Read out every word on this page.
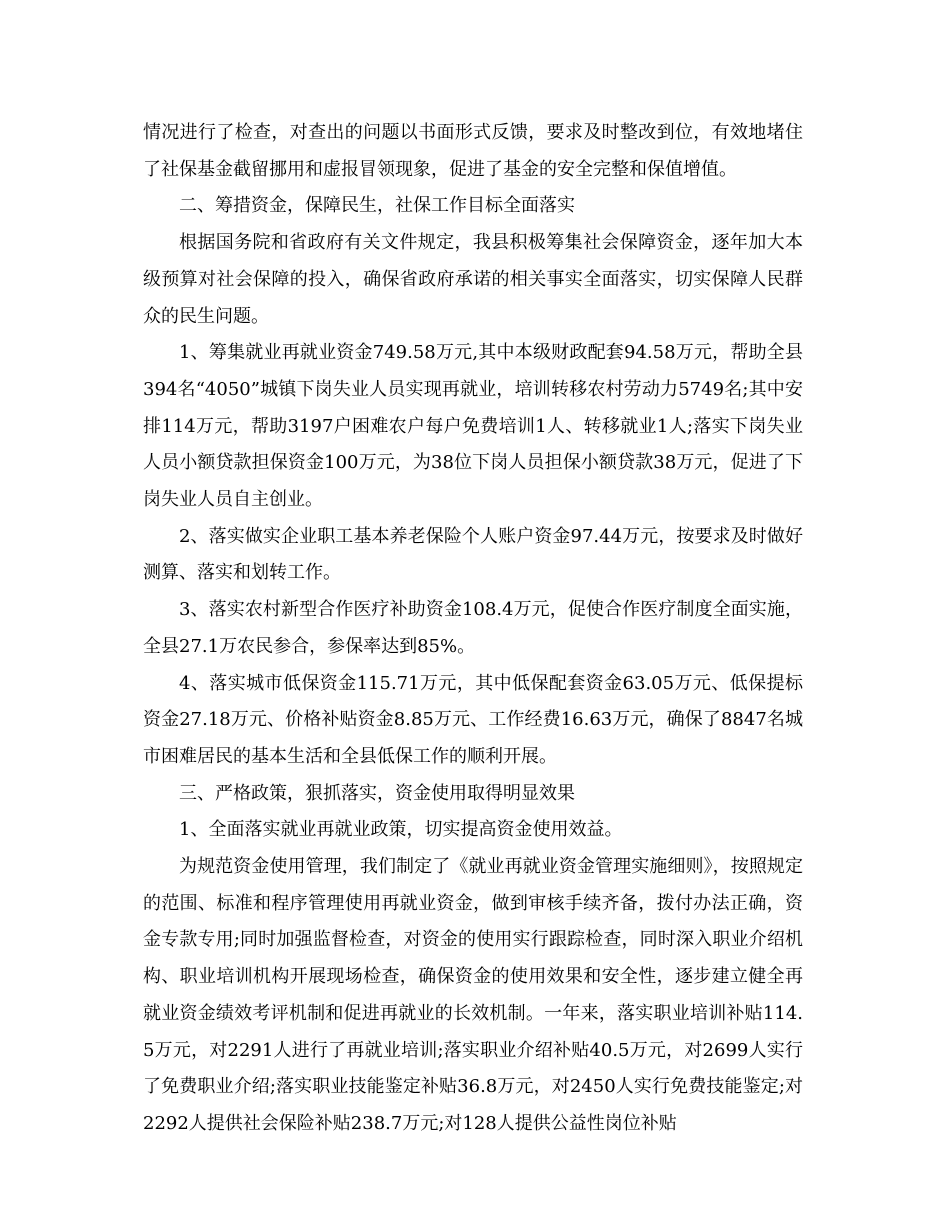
情况进行了检查，对查出的问题以书面形式反馈，要求及时整改到位，有效地堵住了社保基金截留挪用和虚报冒领现象，促进了基金的安全完整和保值增值。

二、筹措资金，保障民生，社保工作目标全面落实

根据国务院和省政府有关文件规定，我县积极筹集社会保障资金，逐年加大本级预算对社会保障的投入，确保省政府承诺的相关事实全面落实，切实保障人民群众的民生问题。

1、筹集就业再就业资金749.58万元,其中本级财政配套94.58万元，帮助全县394名“4050”城镇下岗失业人员实现再就业，培训转移农村劳动力5749名;其中安排114万元，帮助3197户困难农户每户免费培训1人、转移就业1人;落实下岗失业人员小额贷款担保资金100万元，为38位下岗人员担保小额贷款38万元，促进了下岗失业人员自主创业。

2、落实做实企业职工基本养老保险个人账户资金97.44万元，按要求及时做好测算、落实和划转工作。

3、落实农村新型合作医疗补助资金108.4万元，促使合作医疗制度全面实施，全县27.1万农民参合，参保率达到85%。

4、落实城市低保资金115.71万元，其中低保配套资金63.05万元、低保提标资金27.18万元、价格补贴资金8.85万元、工作经费16.63万元，确保了8847名城市困难居民的基本生活和全县低保工作的顺利开展。

三、严格政策，狠抓落实，资金使用取得明显效果

1、全面落实就业再就业政策，切实提高资金使用效益。

为规范资金使用管理，我们制定了《就业再就业资金管理实施细则》，按照规定的范围、标准和程序管理使用再就业资金，做到审核手续齐备，拨付办法正确，资金专款专用;同时加强监督检查，对资金的使用实行跟踪检查，同时深入职业介绍机构、职业培训机构开展现场检查，确保资金的使用效果和安全性，逐步建立健全再就业资金绩效考评机制和促进再就业的长效机制。一年来，落实职业培训补贴114.5万元，对2291人进行了再就业培训;落实职业介绍补贴40.5万元，对2699人实行了免费职业介绍;落实职业技能鉴定补贴36.8万元，对2450人实行免费技能鉴定;对2292人提供社会保险补贴238.7万元;对128人提供公益性岗位补贴
